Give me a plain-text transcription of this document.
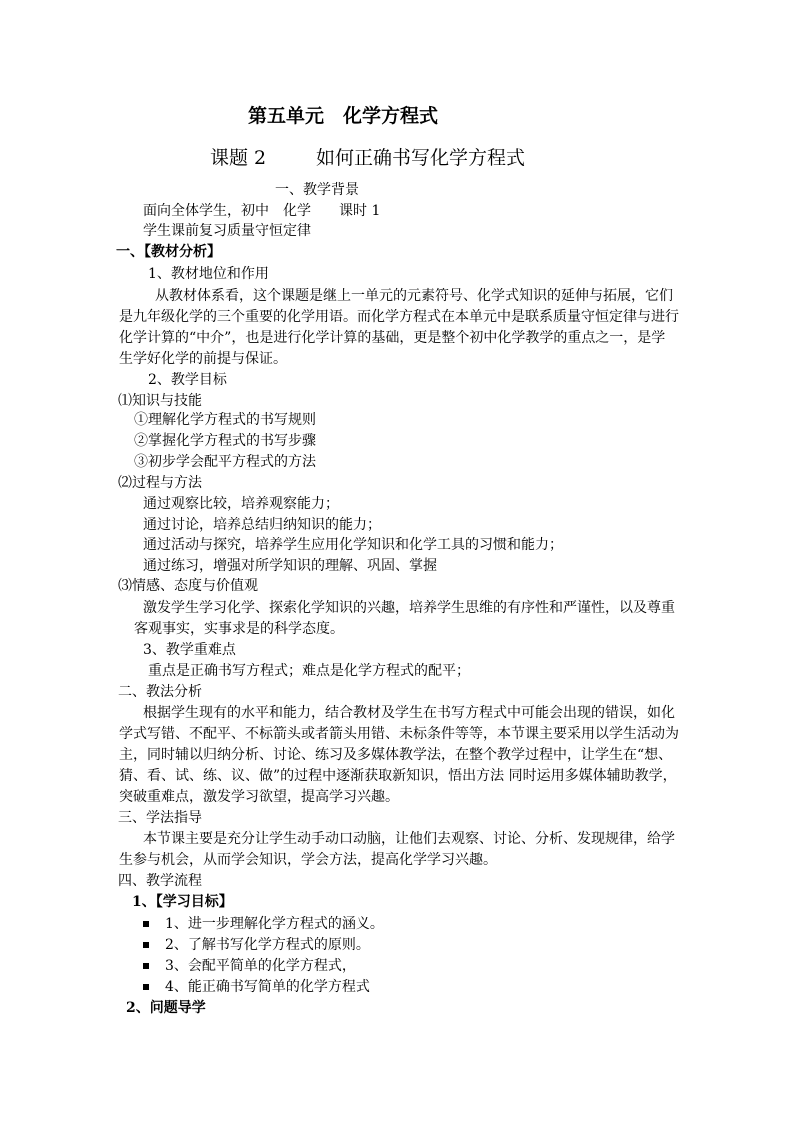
第五单元　化学方程式
课题 2	如何正确书写化学方程式
一、教学背景
面向全体学生，初中　化学　　课时 1
学生课前复习质量守恒定律
一、【教材分析】
1、教材地位和作用
从教材体系看，这个课题是继上一单元的元素符号、化学式知识的延伸与拓展，它们
是九年级化学的三个重要的化学用语。而化学方程式在本单元中是联系质量守恒定律与进行
化学计算的“中介”，也是进行化学计算的基础，更是整个初中化学教学的重点之一，是学
生学好化学的前提与保证。
2、教学目标
⑴知识与技能
①理解化学方程式的书写规则
②掌握化学方程式的书写步骤
③初步学会配平方程式的方法
⑵过程与方法
通过观察比较，培养观察能力；
通过讨论，培养总结归纳知识的能力；
通过活动与探究，培养学生应用化学知识和化学工具的习惯和能力；
通过练习，增强对所学知识的理解、巩固、掌握
⑶情感、态度与价值观
激发学生学习化学、探索化学知识的兴趣，培养学生思维的有序性和严谨性，以及尊重
客观事实，实事求是的科学态度。
3、教学重难点
重点是正确书写方程式；难点是化学方程式的配平；
二、教法分析
根据学生现有的水平和能力，结合教材及学生在书写方程式中可能会出现的错误，如化
学式写错、不配平、不标箭头或者箭头用错、未标条件等等，本节课主要采用以学生活动为
主，同时辅以归纳分析、讨论、练习及多媒体教学法，在整个教学过程中，让学生在“想、
猜、看、试、练、议、做”的过程中逐渐获取新知识，悟出方法 同时运用多媒体辅助教学，
突破重难点，激发学习欲望，提高学习兴趣。
三、学法指导
本节课主要是充分让学生动手动口动脑，让他们去观察、讨论、分析、发现规律，给学
生参与机会，从而学会知识，学会方法，提高化学学习兴趣。
四、教学流程
1、【学习目标】
1、进一步理解化学方程式的涵义。
2、了解书写化学方程式的原则。
3、会配平简单的化学方程式，
4、能正确书写简单的化学方程式
2、问题导学
